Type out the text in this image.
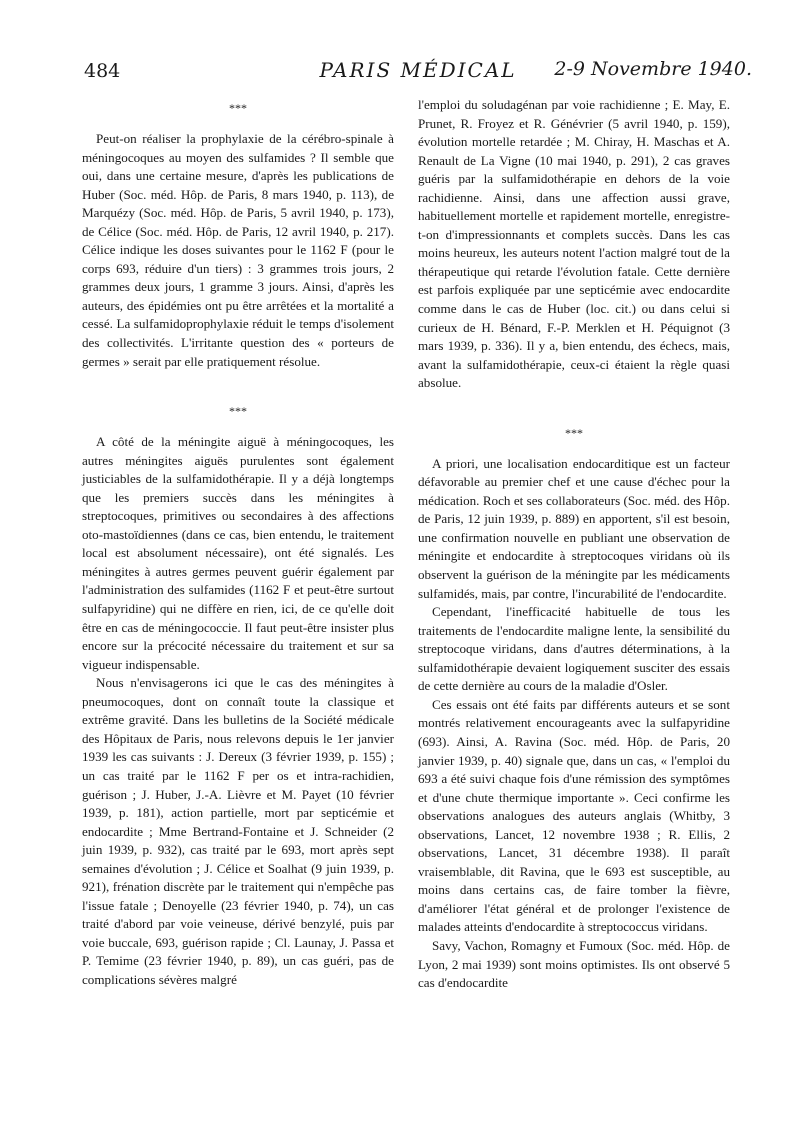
484	PARIS MÉDICAL	2-9 Novembre 1940.
***

Peut-on réaliser la prophylaxie de la cérébro-spinale à méningocoques au moyen des sulfamides ? Il semble que oui, dans une certaine mesure, d'après les publications de Huber (Soc. méd. Hôp. de Paris, 8 mars 1940, p. 113), de Marquézy (Soc. méd. Hôp. de Paris, 5 avril 1940, p. 173), de Célice (Soc. méd. Hôp. de Paris, 12 avril 1940, p. 217). Célice indique les doses suivantes pour le 1162 F (pour le corps 693, réduire d'un tiers) : 3 grammes trois jours, 2 grammes deux jours, 1 gramme 3 jours. Ainsi, d'après les auteurs, des épidémies ont pu être arrêtées et la mortalité a cessé. La sulfamidoprophylaxie réduit le temps d'isolement des collectivités. L'irritante question des « porteurs de germes » serait par elle pratiquement résolue.

***

A côté de la méningite aiguë à méningocoques, les autres méningites aiguës purulentes sont également justiciables de la sulfamidothérapie. Il y a déjà longtemps que les premiers succès dans les méningites à streptocoques, primitives ou secondaires à des affections oto-mastoïdiennes (dans ce cas, bien entendu, le traitement local est absolument nécessaire), ont été signalés. Les méningites à autres germes peuvent guérir également par l'administration des sulfamides (1162 F et peut-être surtout sulfapyridine) qui ne diffère en rien, ici, de ce qu'elle doit être en cas de méningococcie. Il faut peut-être insister plus encore sur la précocité nécessaire du traitement et sur sa vigueur indispensable.

Nous n'envisagerons ici que le cas des méningites à pneumocoques, dont on connaît toute la classique et extrême gravité. Dans les bulletins de la Société médicale des Hôpitaux de Paris, nous relevons depuis le 1er janvier 1939 les cas suivants : J. Dereux (3 février 1939, p. 155) ; un cas traité par le 1162 F per os et intra-rachidien, guérison ; J. Huber, J.-A. Lièvre et M. Payet (10 février 1939, p. 181), action partielle, mort par septicémie et endocardite ; Mme Bertrand-Fontaine et J. Schneider (2 juin 1939, p. 932), cas traité par le 693, mort après sept semaines d'évolution ; J. Célice et Soalhat (9 juin 1939, p. 921), frénation discrète par le traitement qui n'empêche pas l'issue fatale ; Denoyelle (23 février 1940, p. 74), un cas traité d'abord par voie veineuse, dérivé benzylé, puis par voie buccale, 693, guérison rapide ; Cl. Launay, J. Passa et P. Temime (23 février 1940, p. 89), un cas guéri, pas de complications sévères malgré

l'emploi du soludagénan par voie rachidienne ; E. May, E. Prunet, R. Froyez et R. Génévrier (5 avril 1940, p. 159), évolution mortelle retardée ; M. Chiray, H. Maschas et A. Renault de La Vigne (10 mai 1940, p. 291), 2 cas graves guéris par la sulfamidothérapie en dehors de la voie rachidienne. Ainsi, dans une affection aussi grave, habituellement mortelle et rapidement mortelle, enregistre-t-on d'impressionnants et complets succès. Dans les cas moins heureux, les auteurs notent l'action malgré tout de la thérapeutique qui retarde l'évolution fatale. Cette dernière est parfois expliquée par une septicémie avec endocardite comme dans le cas de Huber (loc. cit.) ou dans celui si curieux de H. Bénard, F.-P. Merklen et H. Péquignot (3 mars 1939, p. 336). Il y a, bien entendu, des échecs, mais, avant la sulfamidothérapie, ceux-ci étaient la règle quasi absolue.

***

A priori, une localisation endocarditique est un facteur défavorable au premier chef et une cause d'échec pour la médication. Roch et ses collaborateurs (Soc. méd. des Hôp. de Paris, 12 juin 1939, p. 889) en apportent, s'il est besoin, une confirmation nouvelle en publiant une observation de méningite et endocardite à streptocoques viridans où ils observent la guérison de la méningite par les médicaments sulfamidés, mais, par contre, l'incurabilité de l'endocardite.

Cependant, l'inefficacité habituelle de tous les traitements de l'endocardite maligne lente, la sensibilité du streptocoque viridans, dans d'autres déterminations, à la sulfamidothérapie devaient logiquement susciter des essais de cette dernière au cours de la maladie d'Osler.

Ces essais ont été faits par différents auteurs et se sont montrés relativement encourageants avec la sulfapyridine (693). Ainsi, A. Ravina (Soc. méd. Hôp. de Paris, 20 janvier 1939, p. 40) signale que, dans un cas, « l'emploi du 693 a été suivi chaque fois d'une rémission des symptômes et d'une chute thermique importante ». Ceci confirme les observations analogues des auteurs anglais (Whitby, 3 observations, Lancet, 12 novembre 1938 ; R. Ellis, 2 observations, Lancet, 31 décembre 1938). Il paraît vraisemblable, dit Ravina, que le 693 est susceptible, au moins dans certains cas, de faire tomber la fièvre, d'améliorer l'état général et de prolonger l'existence de malades atteints d'endocardite à streptococcus viridans.

Savy, Vachon, Romagny et Fumoux (Soc. méd. Hôp. de Lyon, 2 mai 1939) sont moins optimistes. Ils ont observé 5 cas d'endocardite
